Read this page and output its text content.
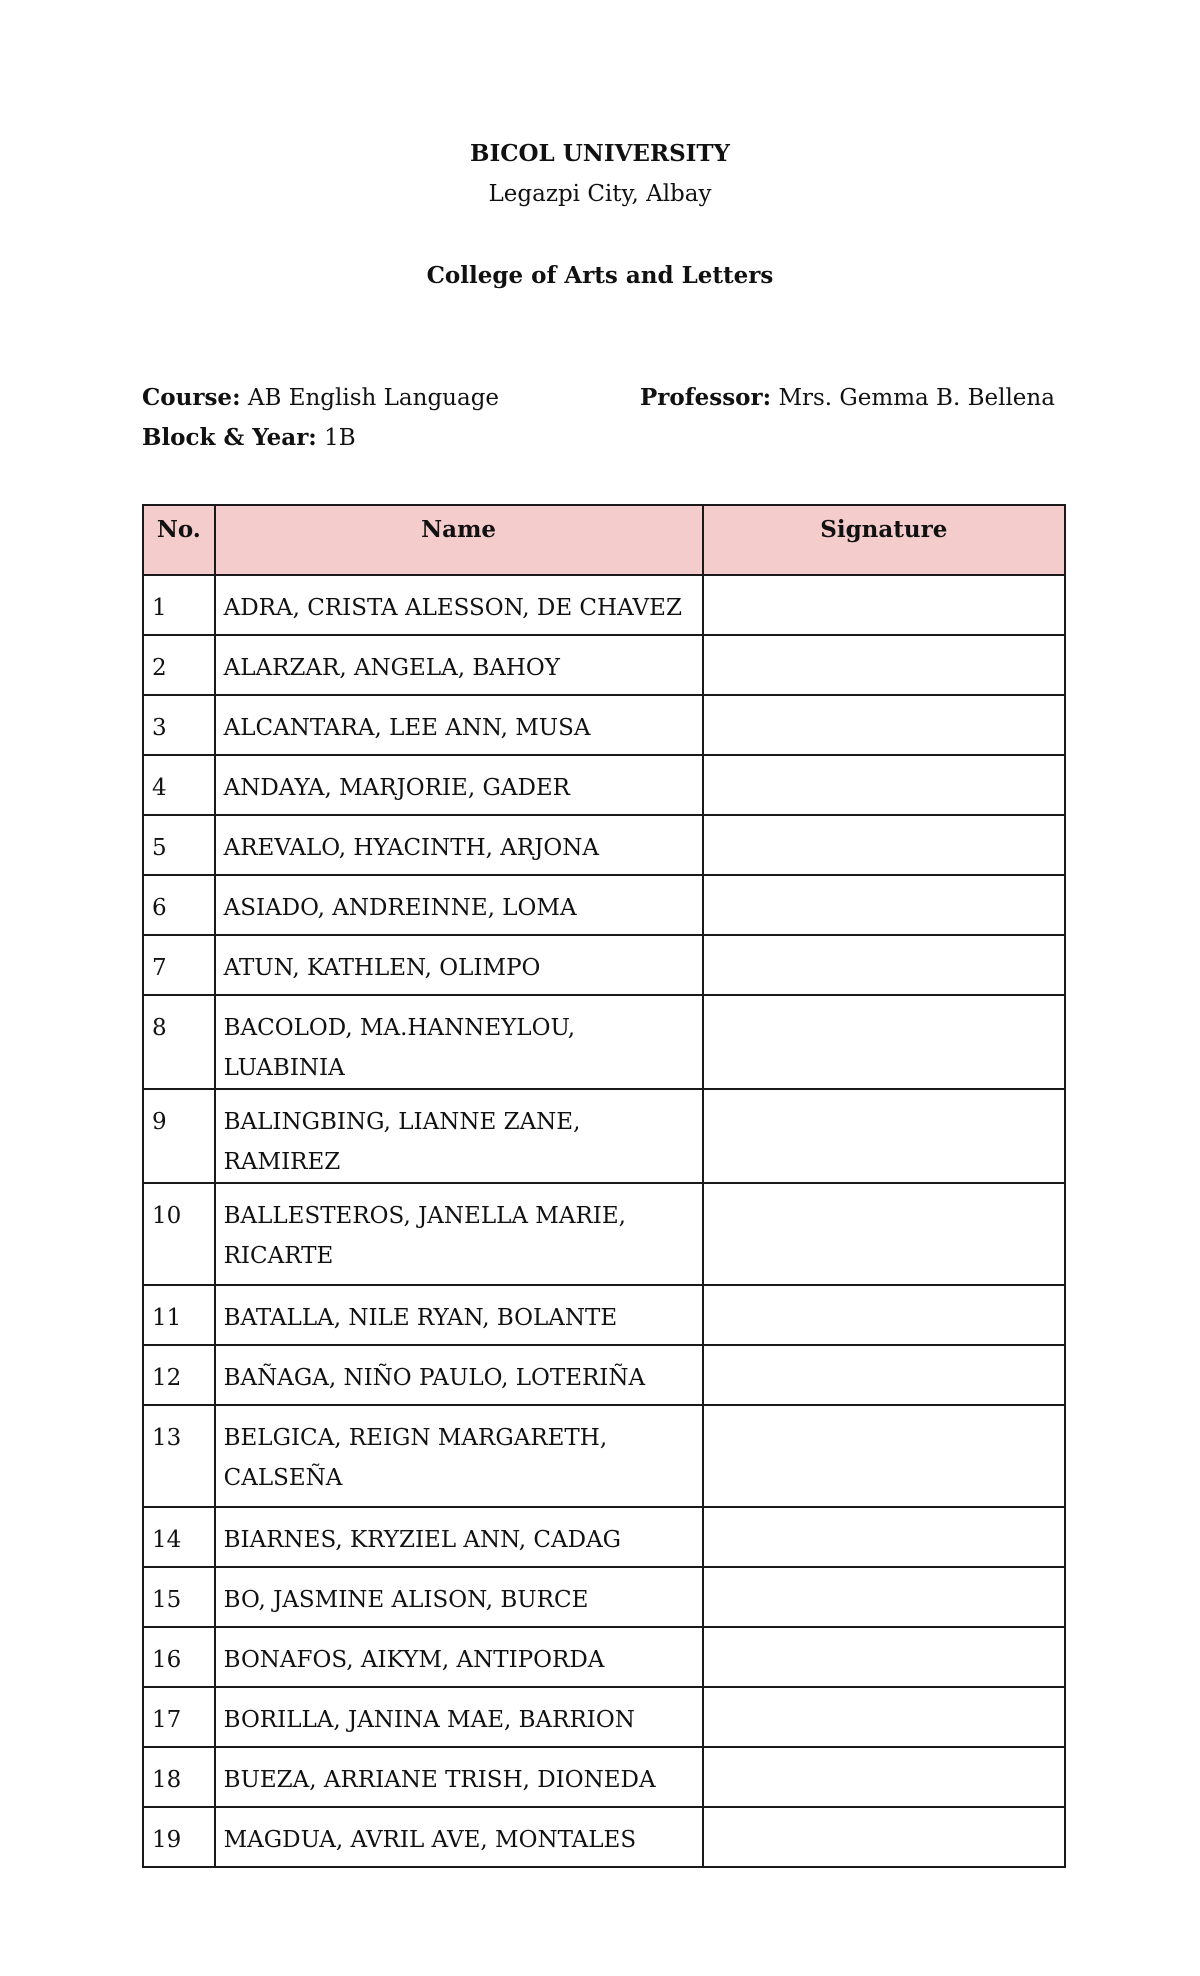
BICOL UNIVERSITY
Legazpi City, Albay
College of Arts and Letters
Course: AB English Language
Block & Year: 1B
Professor: Mrs. Gemma B. Bellena
No.	Name	Signature
1	ADRA, CRISTA ALESSON, DE CHAVEZ	
2	ALARZAR, ANGELA, BAHOY	
3	ALCANTARA, LEE ANN, MUSA	
4	ANDAYA, MARJORIE, GADER	
5	AREVALO, HYACINTH, ARJONA	
6	ASIADO, ANDREINNE, LOMA	
7	ATUN, KATHLEN, OLIMPO	
8	BACOLOD, MA.HANNEYLOU, LUABINIA	
9	BALINGBING, LIANNE ZANE, RAMIREZ	
10	BALLESTEROS, JANELLA MARIE, RICARTE	
11	BATALLA, NILE RYAN, BOLANTE	
12	BAÑAGA, NIÑO PAULO, LOTERIÑA	
13	BELGICA, REIGN MARGARETH, CALSEÑA	
14	BIARNES, KRYZIEL ANN, CADAG	
15	BO, JASMINE ALISON, BURCE	
16	BONAFOS, AIKYM, ANTIPORDA	
17	BORILLA, JANINA MAE, BARRION	
18	BUEZA, ARRIANE TRISH, DIONEDA	
19	MAGDUA, AVRIL AVE, MONTALES	
